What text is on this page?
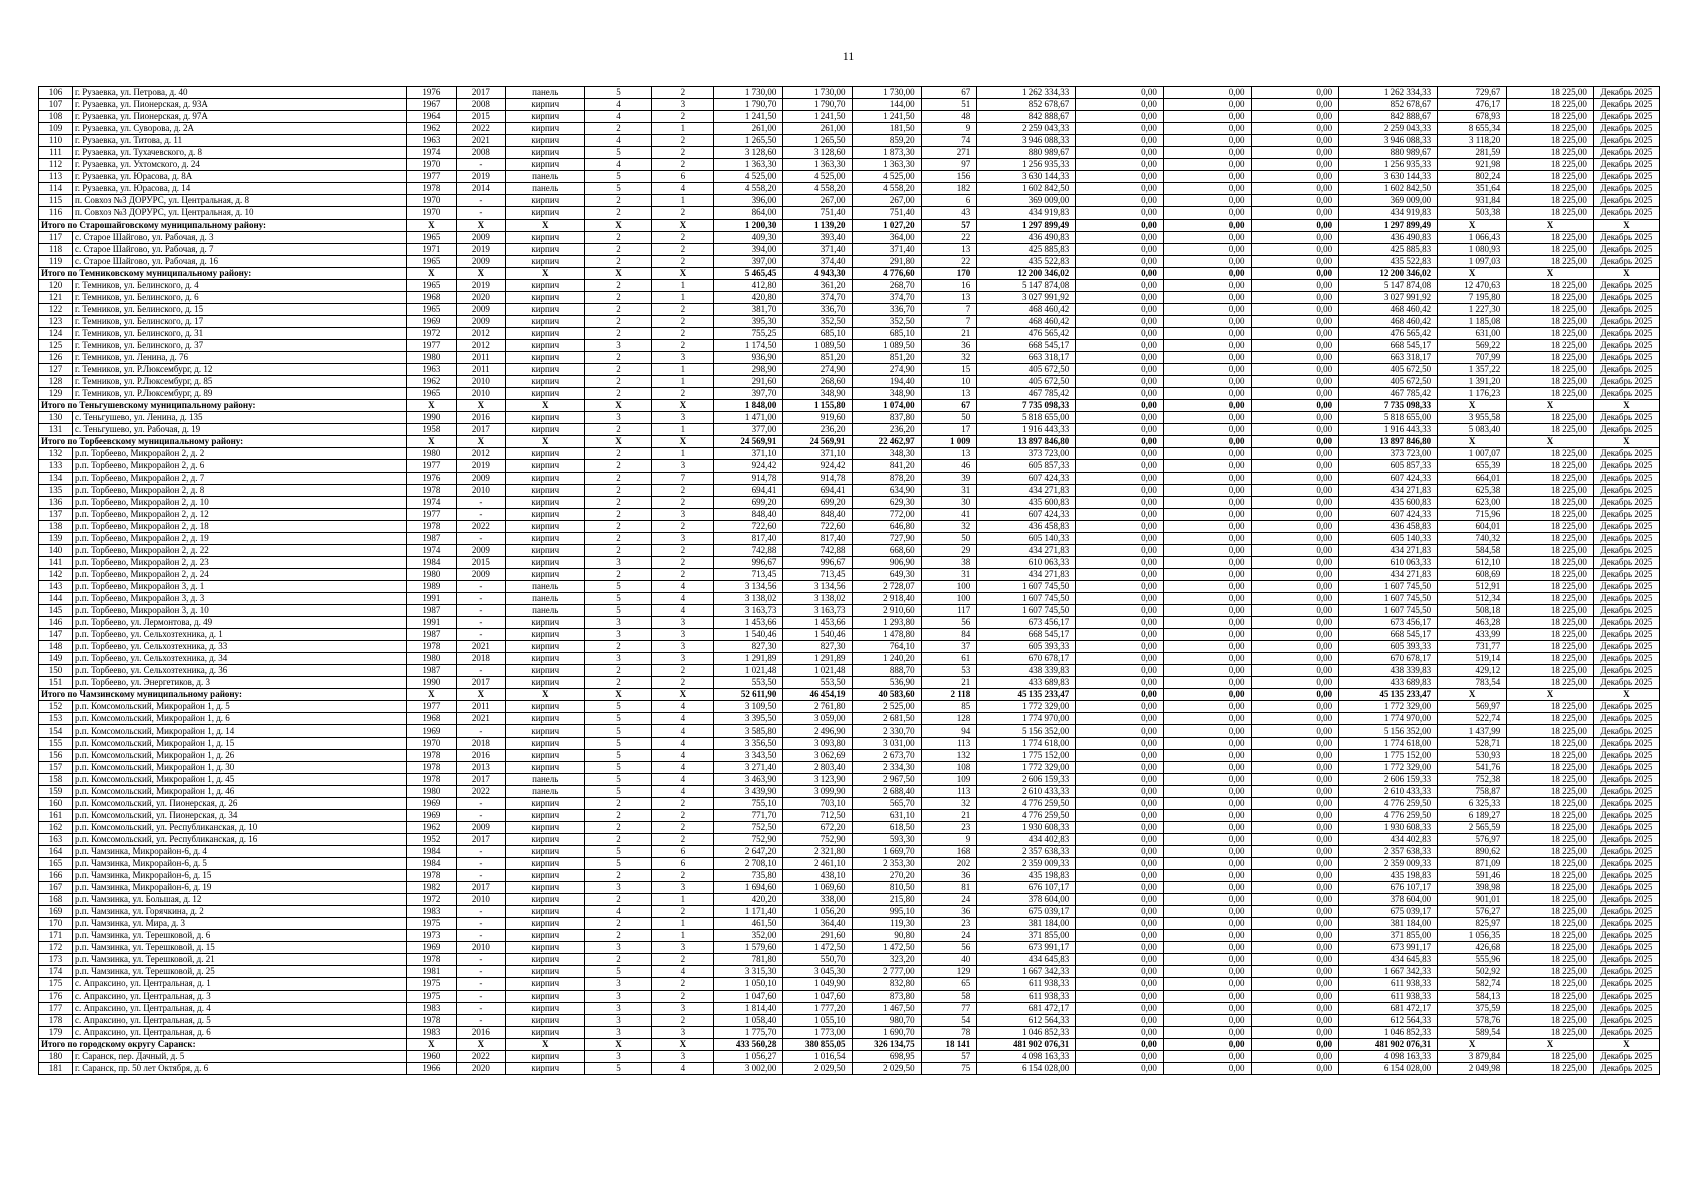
11
106	г. Рузаевка, ул. Петрова, д. 40	1976	2017	панель	5	2	1 730,00	1 730,00	1 730,00	67	1 262 334,33	0,00	0,00	0,00	1 262 334,33	729,67	18 225,00	Декабрь 2025
107	г. Рузаевка, ул. Пионерская, д. 93А	1967	2008	кирпич	4	3	1 790,70	1 790,70	144,00	51	852 678,67	0,00	0,00	0,00	852 678,67	476,17	18 225,00	Декабрь 2025
108	г. Рузаевка, ул. Пионерская, д. 97А	1964	2015	кирпич	4	2	1 241,50	1 241,50	1 241,50	48	842 888,67	0,00	0,00	0,00	842 888,67	678,93	18 225,00	Декабрь 2025
109	г. Рузаевка, ул. Суворова, д. 2А	1962	2022	кирпич	2	1	261,00	261,00	181,50	9	2 259 043,33	0,00	0,00	0,00	2 259 043,33	8 655,34	18 225,00	Декабрь 2025
110	г. Рузаевка, ул. Титова, д. 11	1963	2021	кирпич	4	2	1 265,50	1 265,50	859,20	74	3 946 088,33	0,00	0,00	0,00	3 946 088,33	3 118,20	18 225,00	Декабрь 2025
111	г. Рузаевка, ул. Тухачевского, д. 8	1974	2008	кирпич	5	2	3 128,60	3 128,60	1 873,30	271	880 989,67	0,00	0,00	0,00	880 989,67	281,59	18 225,00	Декабрь 2025
112	г. Рузаевка, ул. Ухтомского, д. 24	1970	-	кирпич	4	2	1 363,30	1 363,30	1 363,30	97	1 256 935,33	0,00	0,00	0,00	1 256 935,33	921,98	18 225,00	Декабрь 2025
113	г. Рузаевка, ул. Юрасова, д. 8А	1977	2019	панель	5	6	4 525,00	4 525,00	4 525,00	156	3 630 144,33	0,00	0,00	0,00	3 630 144,33	802,24	18 225,00	Декабрь 2025
114	г. Рузаевка, ул. Юрасова, д. 14	1978	2014	панель	5	4	4 558,20	4 558,20	4 558,20	182	1 602 842,50	0,00	0,00	0,00	1 602 842,50	351,64	18 225,00	Декабрь 2025
115	п. Совхоз №3 ДОРУРС, ул. Центральная, д. 8	1970	-	кирпич	2	1	396,00	267,00	267,00	6	369 009,00	0,00	0,00	0,00	369 009,00	931,84	18 225,00	Декабрь 2025
116	п. Совхоз №3 ДОРУРС, ул. Центральная, д. 10	1970	-	кирпич	2	2	864,00	751,40	751,40	43	434 919,83	0,00	0,00	0,00	434 919,83	503,38	18 225,00	Декабрь 2025
Итого по Старошайговскому муниципальному району:		X	X	X	X	X	1 200,30	1 139,20	1 027,20	57	1 297 899,49	0,00	0,00	0,00	1 297 899,49	X	X	X
117	с. Старое Шайгово, ул. Рабочая, д. 3	1965	2009	кирпич	2	2	409,30	393,40	364,00	22	436 490,83	0,00	0,00	0,00	436 490,83	1 066,43	18 225,00	Декабрь 2025
118	с. Старое Шайгово, ул. Рабочая, д. 7	1971	2019	кирпич	2	2	394,00	371,40	371,40	13	425 885,83	0,00	0,00	0,00	425 885,83	1 080,93	18 225,00	Декабрь 2025
119	с. Старое Шайгово, ул. Рабочая, д. 16	1965	2009	кирпич	2	2	397,00	374,40	291,80	22	435 522,83	0,00	0,00	0,00	435 522,83	1 097,03	18 225,00	Декабрь 2025
Итого по Темниковскому муниципальному району:		X	X	X	X	X	5 465,45	4 943,30	4 776,60	170	12 200 346,02	0,00	0,00	0,00	12 200 346,02	X	X	X
120	г. Темников, ул. Белинского, д. 4	1965	2019	кирпич	2	1	412,80	361,20	268,70	16	5 147 874,08	0,00	0,00	0,00	5 147 874,08	12 470,63	18 225,00	Декабрь 2025
121	г. Темников, ул. Белинского, д. 6	1968	2020	кирпич	2	1	420,80	374,70	374,70	13	3 027 991,92	0,00	0,00	0,00	3 027 991,92	7 195,80	18 225,00	Декабрь 2025
122	г. Темников, ул. Белинского, д. 15	1965	2009	кирпич	2	2	381,70	336,70	336,70	7	468 460,42	0,00	0,00	0,00	468 460,42	1 227,30	18 225,00	Декабрь 2025
123	г. Темников, ул. Белинского, д. 17	1969	2009	кирпич	2	2	395,30	352,50	352,50	7	468 460,42	0,00	0,00	0,00	468 460,42	1 185,08	18 225,00	Декабрь 2025
124	г. Темников, ул. Белинского, д. 31	1972	2012	кирпич	2	2	755,25	685,10	685,10	21	476 565,42	0,00	0,00	0,00	476 565,42	631,00	18 225,00	Декабрь 2025
125	г. Темников, ул. Белинского, д. 37	1977	2012	кирпич	3	2	1 174,50	1 089,50	1 089,50	36	668 545,17	0,00	0,00	0,00	668 545,17	569,22	18 225,00	Декабрь 2025
126	г. Темников, ул. Ленина, д. 76	1980	2011	кирпич	2	3	936,90	851,20	851,20	32	663 318,17	0,00	0,00	0,00	663 318,17	707,99	18 225,00	Декабрь 2025
127	г. Темников, ул. Р.Люксембург, д. 12	1963	2011	кирпич	2	1	298,90	274,90	274,90	15	405 672,50	0,00	0,00	0,00	405 672,50	1 357,22	18 225,00	Декабрь 2025
128	г. Темников, ул. Р.Люксембург, д. 85	1962	2010	кирпич	2	1	291,60	268,60	194,40	10	405 672,50	0,00	0,00	0,00	405 672,50	1 391,20	18 225,00	Декабрь 2025
129	г. Темников, ул. Р.Люксембург, д. 89	1965	2010	кирпич	2	2	397,70	348,90	348,90	13	467 785,42	0,00	0,00	0,00	467 785,42	1 176,23	18 225,00	Декабрь 2025
Итого по Теньгушевскому муниципальному району:		X	X	X	X	X	1 848,00	1 155,80	1 074,00	67	7 735 098,33	0,00	0,00	0,00	7 735 098,33	X	X	X
130	с. Теньгушево, ул. Ленина, д. 135	1990	2016	кирпич	3	3	1 471,00	919,60	837,80	50	5 818 655,00	0,00	0,00	0,00	5 818 655,00	3 955,58	18 225,00	Декабрь 2025
131	с. Теньгушево, ул. Рабочая, д. 19	1958	2017	кирпич	2	1	377,00	236,20	236,20	17	1 916 443,33	0,00	0,00	0,00	1 916 443,33	5 083,40	18 225,00	Декабрь 2025
Итого по Торбеевскому муниципальному району:		X	X	X	X	X	24 569,91	24 569,91	22 462,97	1 009	13 897 846,80	0,00	0,00	0,00	13 897 846,80	X	X	X
132	р.п. Торбеево, Микрорайон 2, д. 2	1980	2012	кирпич	2	1	371,10	371,10	348,30	13	373 723,00	0,00	0,00	0,00	373 723,00	1 007,07	18 225,00	Декабрь 2025
133	р.п. Торбеево, Микрорайон 2, д. 6	1977	2019	кирпич	2	3	924,42	924,42	841,20	46	605 857,33	0,00	0,00	0,00	605 857,33	655,39	18 225,00	Декабрь 2025
134	р.п. Торбеево, Микрорайон 2, д. 7	1976	2009	кирпич	2	7	914,78	914,78	878,20	39	607 424,33	0,00	0,00	0,00	607 424,33	664,01	18 225,00	Декабрь 2025
135	р.п. Торбеево, Микрорайон 2, д. 8	1978	2010	кирпич	2	2	694,41	694,41	634,90	31	434 271,83	0,00	0,00	0,00	434 271,83	625,38	18 225,00	Декабрь 2025
136	р.п. Торбеево, Микрорайон 2, д. 10	1974	-	кирпич	2	2	699,20	699,20	629,30	30	435 600,83	0,00	0,00	0,00	435 600,83	623,00	18 225,00	Декабрь 2025
137	р.п. Торбеево, Микрорайон 2, д. 12	1977	-	кирпич	2	3	848,40	848,40	772,00	41	607 424,33	0,00	0,00	0,00	607 424,33	715,96	18 225,00	Декабрь 2025
138	р.п. Торбеево, Микрорайон 2, д. 18	1978	2022	кирпич	2	2	722,60	722,60	646,80	32	436 458,83	0,00	0,00	0,00	436 458,83	604,01	18 225,00	Декабрь 2025
139	р.п. Торбеево, Микрорайон 2, д. 19	1987	-	кирпич	2	3	817,40	817,40	727,90	50	605 140,33	0,00	0,00	0,00	605 140,33	740,32	18 225,00	Декабрь 2025
140	р.п. Торбеево, Микрорайон 2, д. 22	1974	2009	кирпич	2	2	742,88	742,88	668,60	29	434 271,83	0,00	0,00	0,00	434 271,83	584,58	18 225,00	Декабрь 2025
141	р.п. Торбеево, Микрорайон 2, д. 23	1984	2015	кирпич	3	2	996,67	996,67	906,90	38	610 063,33	0,00	0,00	0,00	610 063,33	612,10	18 225,00	Декабрь 2025
142	р.п. Торбеево, Микрорайон 2, д. 24	1980	2009	кирпич	2	2	713,45	713,45	649,30	31	434 271,83	0,00	0,00	0,00	434 271,83	608,69	18 225,00	Декабрь 2025
143	р.п. Торбеево, Микрорайон 3, д. 1	1989	-	панель	5	4	3 134,56	3 134,56	2 728,07	100	1 607 745,50	0,00	0,00	0,00	1 607 745,50	512,91	18 225,00	Декабрь 2025
144	р.п. Торбеево, Микрорайон 3, д. 3	1991	-	панель	5	4	3 138,02	3 138,02	2 918,40	100	1 607 745,50	0,00	0,00	0,00	1 607 745,50	512,34	18 225,00	Декабрь 2025
145	р.п. Торбеево, Микрорайон 3, д. 10	1987	-	панель	5	4	3 163,73	3 163,73	2 910,60	117	1 607 745,50	0,00	0,00	0,00	1 607 745,50	508,18	18 225,00	Декабрь 2025
146	р.п. Торбеево, ул. Лермонтова, д. 49	1991	-	кирпич	3	3	1 453,66	1 453,66	1 293,80	56	673 456,17	0,00	0,00	0,00	673 456,17	463,28	18 225,00	Декабрь 2025
147	р.п. Торбеево, ул. Сельхозтехника, д. 1	1987	-	кирпич	3	3	1 540,46	1 540,46	1 478,80	84	668 545,17	0,00	0,00	0,00	668 545,17	433,99	18 225,00	Декабрь 2025
148	р.п. Торбеево, ул. Сельхозтехника, д. 33	1978	2021	кирпич	2	3	827,30	827,30	764,10	37	605 393,33	0,00	0,00	0,00	605 393,33	731,77	18 225,00	Декабрь 2025
149	р.п. Торбеево, ул. Сельхозтехника, д. 34	1980	2018	кирпич	3	3	1 291,89	1 291,89	1 240,20	61	670 678,17	0,00	0,00	0,00	670 678,17	519,14	18 225,00	Декабрь 2025
150	р.п. Торбеево, ул. Сельхозтехника, д. 36	1987	-	кирпич	2	2	1 021,48	1 021,48	888,70	53	438 339,83	0,00	0,00	0,00	438 339,83	429,12	18 225,00	Декабрь 2025
151	р.п. Торбеево, ул. Энергетиков, д. 3	1990	2017	кирпич	2	2	553,50	553,50	536,90	21	433 689,83	0,00	0,00	0,00	433 689,83	783,54	18 225,00	Декабрь 2025
Итого по Чамзинскому муниципальному району:		X	X	X	X	X	52 611,90	46 454,19	40 583,60	2 118	45 135 233,47	0,00	0,00	0,00	45 135 233,47	X	X	X
152	р.п. Комсомольский, Микрорайон 1, д. 5	1977	2011	кирпич	5	4	3 109,50	2 761,80	2 525,00	85	1 772 329,00	0,00	0,00	0,00	1 772 329,00	569,97	18 225,00	Декабрь 2025
153	р.п. Комсомольский, Микрорайон 1, д. 6	1968	2021	кирпич	5	4	3 395,50	3 059,00	2 681,50	128	1 774 970,00	0,00	0,00	0,00	1 774 970,00	522,74	18 225,00	Декабрь 2025
154	р.п. Комсомольский, Микрорайон 1, д. 14	1969	-	кирпич	5	4	3 585,80	2 496,90	2 330,70	94	5 156 352,00	0,00	0,00	0,00	5 156 352,00	1 437,99	18 225,00	Декабрь 2025
155	р.п. Комсомольский, Микрорайон 1, д. 15	1970	2018	кирпич	5	4	3 356,50	3 093,80	3 031,00	113	1 774 618,00	0,00	0,00	0,00	1 774 618,00	528,71	18 225,00	Декабрь 2025
156	р.п. Комсомольский, Микрорайон 1, д. 26	1978	2016	кирпич	5	4	3 343,50	3 062,69	2 673,70	132	1 775 152,00	0,00	0,00	0,00	1 775 152,00	530,93	18 225,00	Декабрь 2025
157	р.п. Комсомольский, Микрорайон 1, д. 30	1978	2013	кирпич	5	4	3 271,40	2 803,40	2 334,30	108	1 772 329,00	0,00	0,00	0,00	1 772 329,00	541,76	18 225,00	Декабрь 2025
158	р.п. Комсомольский, Микрорайон 1, д. 45	1978	2017	панель	5	4	3 463,90	3 123,90	2 967,50	109	2 606 159,33	0,00	0,00	0,00	2 606 159,33	752,38	18 225,00	Декабрь 2025
159	р.п. Комсомольский, Микрорайон 1, д. 46	1980	2022	панель	5	4	3 439,90	3 099,90	2 688,40	113	2 610 433,33	0,00	0,00	0,00	2 610 433,33	758,87	18 225,00	Декабрь 2025
160	р.п. Комсомольский, ул. Пионерская, д. 26	1969	-	кирпич	2	2	755,10	703,10	565,70	32	4 776 259,50	0,00	0,00	0,00	4 776 259,50	6 325,33	18 225,00	Декабрь 2025
161	р.п. Комсомольский, ул. Пионерская, д. 34	1969	-	кирпич	2	2	771,70	712,50	631,10	21	4 776 259,50	0,00	0,00	0,00	4 776 259,50	6 189,27	18 225,00	Декабрь 2025
162	р.п. Комсомольский, ул. Республиканская, д. 10	1962	2009	кирпич	2	2	752,50	672,20	618,50	23	1 930 608,33	0,00	0,00	0,00	1 930 608,33	2 565,59	18 225,00	Декабрь 2025
163	р.п. Комсомольский, ул. Республиканская, д. 16	1952	2017	кирпич	2	2	752,90	752,90	593,30	9	434 402,83	0,00	0,00	0,00	434 402,83	576,97	18 225,00	Декабрь 2025
164	р.п. Чамзинка, Микрорайон-6, д. 4	1984	-	кирпич	5	6	2 647,20	2 321,80	1 669,70	168	2 357 638,33	0,00	0,00	0,00	2 357 638,33	890,62	18 225,00	Декабрь 2025
165	р.п. Чамзинка, Микрорайон-6, д. 5	1984	-	кирпич	5	6	2 708,10	2 461,10	2 353,30	202	2 359 009,33	0,00	0,00	0,00	2 359 009,33	871,09	18 225,00	Декабрь 2025
166	р.п. Чамзинка, Микрорайон-6, д. 15	1978	-	кирпич	2	2	735,80	438,10	270,20	36	435 198,83	0,00	0,00	0,00	435 198,83	591,46	18 225,00	Декабрь 2025
167	р.п. Чамзинка, Микрорайон-6, д. 19	1982	2017	кирпич	3	3	1 694,60	1 069,60	810,50	81	676 107,17	0,00	0,00	0,00	676 107,17	398,98	18 225,00	Декабрь 2025
168	р.п. Чамзинка, ул. Большая, д. 12	1972	2010	кирпич	2	1	420,20	338,00	215,80	24	378 604,00	0,00	0,00	0,00	378 604,00	901,01	18 225,00	Декабрь 2025
169	р.п. Чамзинка, ул. Горячкина, д. 2	1983	-	кирпич	4	2	1 171,40	1 056,20	995,10	36	675 039,17	0,00	0,00	0,00	675 039,17	576,27	18 225,00	Декабрь 2025
170	р.п. Чамзинка, ул. Мира, д. 3	1975	-	кирпич	2	1	461,50	364,40	119,30	23	381 184,00	0,00	0,00	0,00	381 184,00	825,97	18 225,00	Декабрь 2025
171	р.п. Чамзинка, ул. Терешковой, д. 6	1973	-	кирпич	2	1	352,00	291,60	90,80	24	371 855,00	0,00	0,00	0,00	371 855,00	1 056,35	18 225,00	Декабрь 2025
172	р.п. Чамзинка, ул. Терешковой, д. 15	1969	2010	кирпич	3	3	1 579,60	1 472,50	1 472,50	56	673 991,17	0,00	0,00	0,00	673 991,17	426,68	18 225,00	Декабрь 2025
173	р.п. Чамзинка, ул. Терешковой, д. 21	1978	-	кирпич	2	2	781,80	550,70	323,20	40	434 645,83	0,00	0,00	0,00	434 645,83	555,96	18 225,00	Декабрь 2025
174	р.п. Чамзинка, ул. Терешковой, д. 25	1981	-	кирпич	5	4	3 315,30	3 045,30	2 777,00	129	1 667 342,33	0,00	0,00	0,00	1 667 342,33	502,92	18 225,00	Декабрь 2025
175	с. Апраксино, ул. Центральная, д. 1	1975	-	кирпич	3	2	1 050,10	1 049,90	832,80	65	611 938,33	0,00	0,00	0,00	611 938,33	582,74	18 225,00	Декабрь 2025
176	с. Апраксино, ул. Центральная, д. 3	1975	-	кирпич	3	2	1 047,60	1 047,60	873,80	58	611 938,33	0,00	0,00	0,00	611 938,33	584,13	18 225,00	Декабрь 2025
177	с. Апраксино, ул. Центральная, д. 4	1983	-	кирпич	3	3	1 814,40	1 777,20	1 467,50	77	681 472,17	0,00	0,00	0,00	681 472,17	375,59	18 225,00	Декабрь 2025
178	с. Апраксино, ул. Центральная, д. 5	1978	-	кирпич	3	2	1 058,40	1 055,10	980,70	54	612 564,33	0,00	0,00	0,00	612 564,33	578,76	18 225,00	Декабрь 2025
179	с. Апраксино, ул. Центральная, д. 6	1983	2016	кирпич	3	3	1 775,70	1 773,00	1 690,70	78	1 046 852,33	0,00	0,00	0,00	1 046 852,33	589,54	18 225,00	Декабрь 2025
Итого по городскому округу Саранск:		X	X	X	X	X	433 560,28	380 855,05	326 134,75	18 141	481 902 076,31	0,00	0,00	0,00	481 902 076,31	X	X	X
180	г. Саранск, пер. Дачный, д. 5	1960	2022	кирпич	3	3	1 056,27	1 016,54	698,95	57	4 098 163,33	0,00	0,00	0,00	4 098 163,33	3 879,84	18 225,00	Декабрь 2025
181	г. Саранск, пр. 50 лет Октября, д. 6	1966	2020	кирпич	5	4	3 002,00	2 029,50	2 029,50	75	6 154 028,00	0,00	0,00	0,00	6 154 028,00	2 049,98	18 225,00	Декабрь 2025
